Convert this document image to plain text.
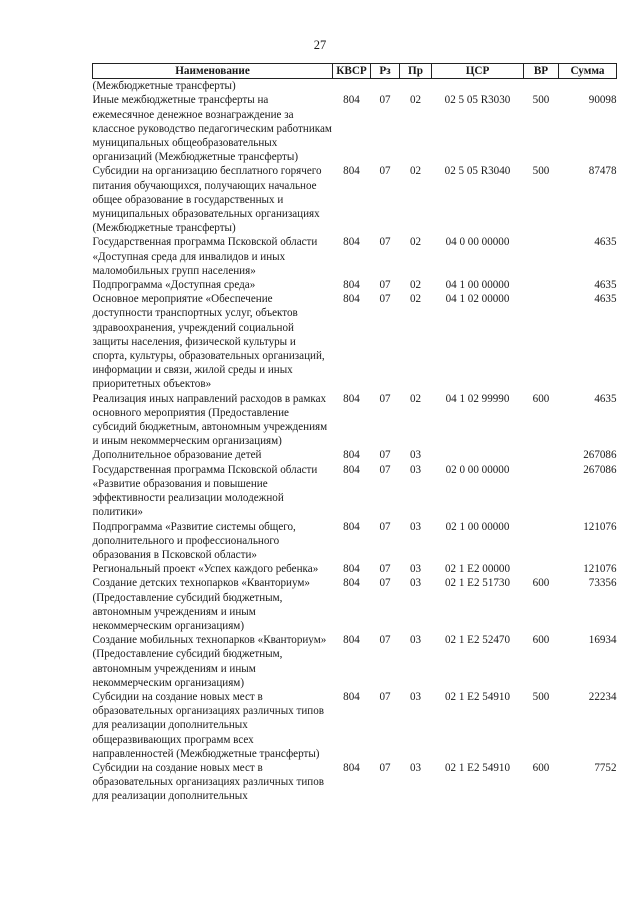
27
Наименование	КВСР	Рз	Пр	ЦСР	ВР	Сумма
(Межбюджетные трансферты)						
Иные межбюджетные трансферты на ежемесячное денежное вознаграждение за классное руководство педагогическим работникам муниципальных общеобразовательных организаций (Межбюджетные трансферты)	804	07	02	02 5 05 R3030	500	90098
Субсидии на организацию бесплатного горячего питания обучающихся, получающих начальное общее образование в государственных и муниципальных образовательных организациях (Межбюджетные трансферты)	804	07	02	02 5 05 R3040	500	87478
Государственная программа Псковской области «Доступная среда для инвалидов и иных маломобильных групп населения»	804	07	02	04 0 00 00000		4635
Подпрограмма «Доступная среда»	804	07	02	04 1 00 00000		4635
Основное мероприятие «Обеспечение доступности транспортных услуг, объектов здравоохранения, учреждений социальной защиты населения, физической культуры и спорта, культуры, образовательных организаций, информации и связи, жилой среды и иных приоритетных объектов»	804	07	02	04 1 02 00000		4635
Реализация иных направлений расходов в рамках основного мероприятия (Предоставление субсидий бюджетным, автономным учреждениям и иным некоммерческим организациям)	804	07	02	04 1 02 99990	600	4635
Дополнительное образование детей	804	07	03			267086
Государственная программа Псковской области «Развитие образования и повышение эффективности реализации молодежной политики»	804	07	03	02 0 00 00000		267086
Подпрограмма «Развитие системы общего, дополнительного и профессионального образования в Псковской области»	804	07	03	02 1 00 00000		121076
Региональный проект «Успех каждого ребенка»	804	07	03	02 1 E2 00000		121076
Создание детских технопарков «Кванториум» (Предоставление субсидий бюджетным, автономным учреждениям и иным некоммерческим организациям)	804	07	03	02 1 E2 51730	600	73356
Создание мобильных технопарков «Кванториум» (Предоставление субсидий бюджетным, автономным учреждениям и иным некоммерческим организациям)	804	07	03	02 1 E2 52470	600	16934
Субсидии на создание новых мест в образовательных организациях различных типов для реализации дополнительных общеразвивающих программ всех направленностей (Межбюджетные трансферты)	804	07	03	02 1 E2 54910	500	22234
Субсидии на создание новых мест в образовательных организациях различных типов для реализации дополнительных	804	07	03	02 1 E2 54910	600	7752
